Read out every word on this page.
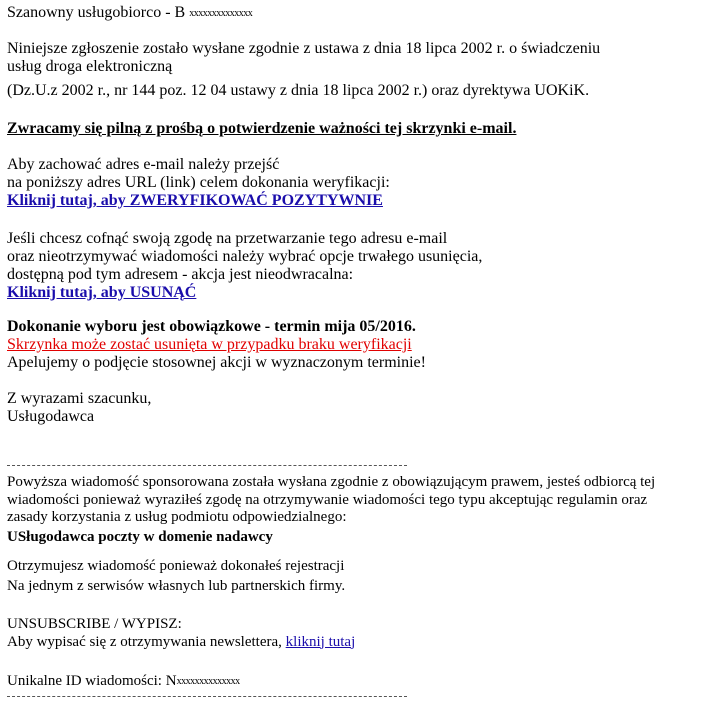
Szanowny usługobiorco - B xxxxxxxxxxxxxx

Niniejsze zgłoszenie zostało wysłane zgodnie z ustawa z dnia 18 lipca 2002 r. o świadczeniu
usług droga elektroniczną
(Dz.U.z 2002 r., nr 144 poz. 12 04 ustawy z dnia 18 lipca 2002 r.) oraz dyrektywa UOKiK.

Zwracamy się pilną z prośbą o potwierdzenie ważności tej skrzynki e-mail.

Aby zachować adres e-mail należy przejść
na poniższy adres URL (link) celem dokonania weryfikacji:
Kliknij tutaj, aby ZWERYFIKOWAĆ POZYTYWNIE

Jeśli chcesz cofnąć swoją zgodę na przetwarzanie tego adresu e-mail
oraz nieotrzymywać wiadomości należy wybrać opcje trwałego usunięcia,
dostępną pod tym adresem - akcja jest nieodwracalna:
Kliknij tutaj, aby USUNĄĆ

Dokonanie wyboru jest obowiązkowe - termin mija 05/2016.
Skrzynka może zostać usunięta w przypadku braku weryfikacji
Apelujemy o podjęcie stosownej akcji w wyznaczonym terminie!

Z wyrazami szacunku,
Usługodawca

Powyższa wiadomość sponsorowana została wysłana zgodnie z obowiązującym prawem, jesteś odbiorcą tej
wiadomości ponieważ wyraziłeś zgodę na otrzymywanie wiadomości tego typu akceptując regulamin oraz
zasady korzystania z usług podmiotu odpowiedzialnego:
USługodawca poczty w domenie nadawcy

Otrzymujesz wiadomość ponieważ dokonałeś rejestracji
Na jednym z serwisów własnych lub partnerskich firmy.

UNSUBSCRIBE / WYPISZ:
Aby wypisać się z otrzymywania newslettera, kliknij tutaj

Unikalne ID wiadomości: Nxxxxxxxxxxxxxx
